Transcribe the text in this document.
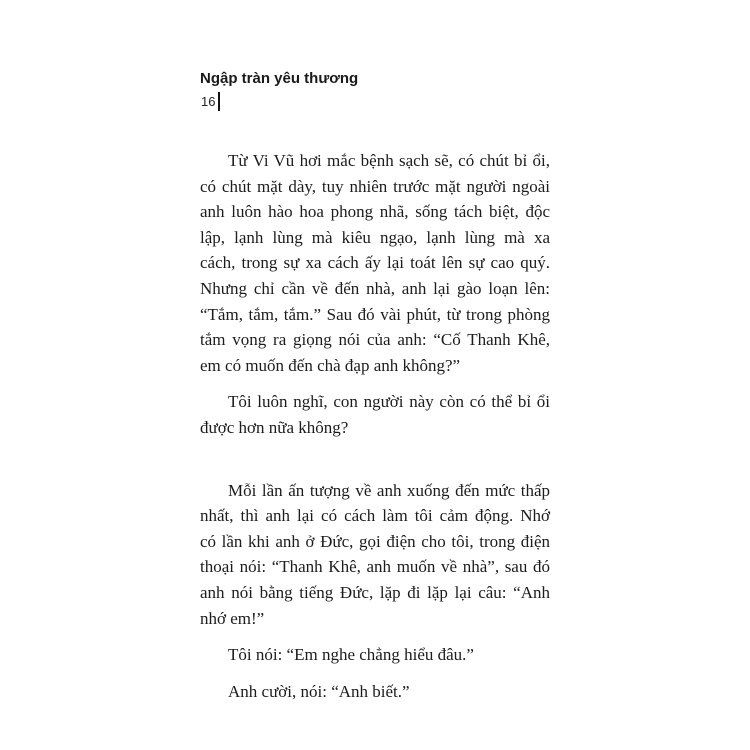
Ngập tràn yêu thương
16
Từ Vi Vũ hơi mắc bệnh sạch sẽ, có chút bỉ ổi,
có chút mặt dày, tuy nhiên trước mặt người ngoài
anh luôn hào hoa phong nhã, sống tách biệt, độc
lập, lạnh lùng mà kiêu ngạo, lạnh lùng mà xa
cách, trong sự xa cách ấy lại toát lên sự cao quý.
Nhưng chỉ cần về đến nhà, anh lại gào loạn lên:
“Tắm, tắm, tắm.” Sau đó vài phút, từ trong phòng
tắm vọng ra giọng nói của anh: “Cố Thanh Khê,
em có muốn đến chà đạp anh không?”
Tôi luôn nghĩ, con người này còn có thể bỉ ổi
được hơn nữa không?
Mỗi lần ấn tượng về anh xuống đến mức thấp
nhất, thì anh lại có cách làm tôi cảm động. Nhớ
có lần khi anh ở Đức, gọi điện cho tôi, trong điện
thoại nói: “Thanh Khê, anh muốn về nhà”, sau đó
anh nói bằng tiếng Đức, lặp đi lặp lại câu: “Anh
nhớ em!”
Tôi nói: “Em nghe chẳng hiểu đâu.”
Anh cười, nói: “Anh biết.”
